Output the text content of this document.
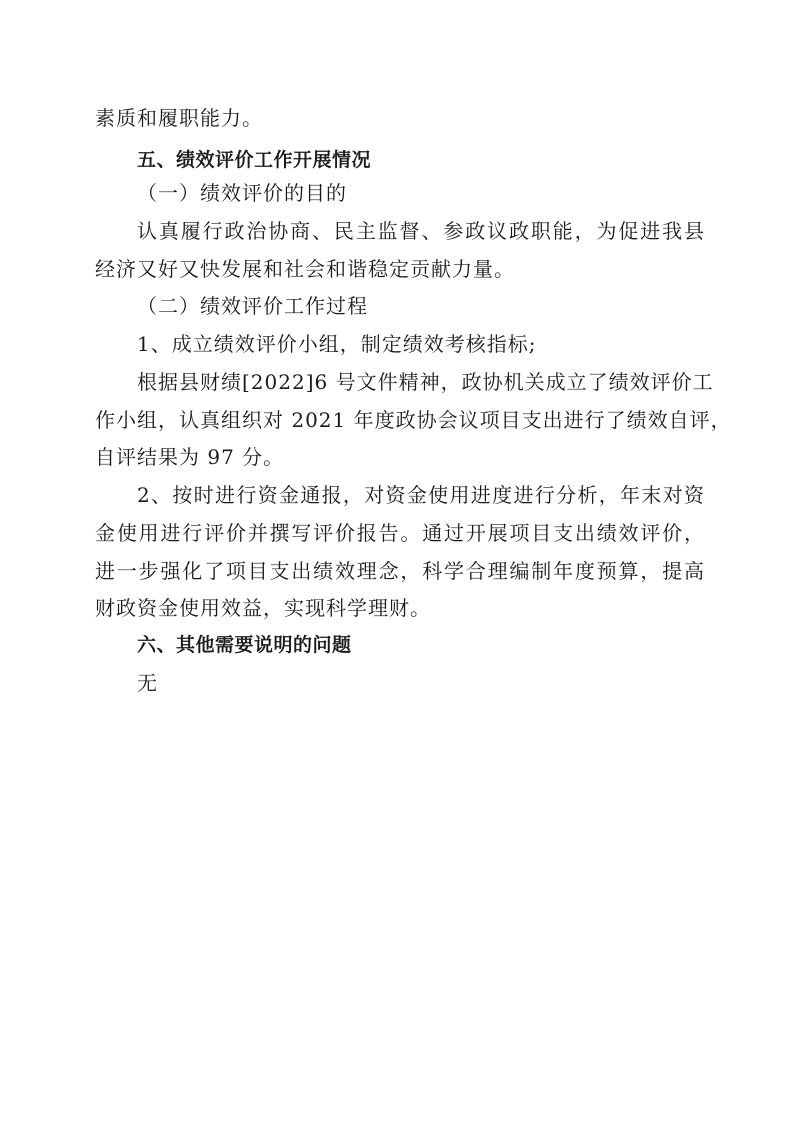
素质和履职能力。
五、绩效评价工作开展情况
（一）绩效评价的目的
认真履行政治协商、民主监督、参政议政职能，为促进我县
经济又好又快发展和社会和谐稳定贡献力量。
（二）绩效评价工作过程
1、成立绩效评价小组，制定绩效考核指标;
根据县财绩[2022]6 号文件精神，政协机关成立了绩效评价工
作小组，认真组织对 2021 年度政协会议项目支出进行了绩效自评，
自评结果为 97 分。
2、按时进行资金通报，对资金使用进度进行分析，年末对资
金使用进行评价并撰写评价报告。通过开展项目支出绩效评价，
进一步强化了项目支出绩效理念，科学合理编制年度预算，提高
财政资金使用效益，实现科学理财。
六、其他需要说明的问题
无
